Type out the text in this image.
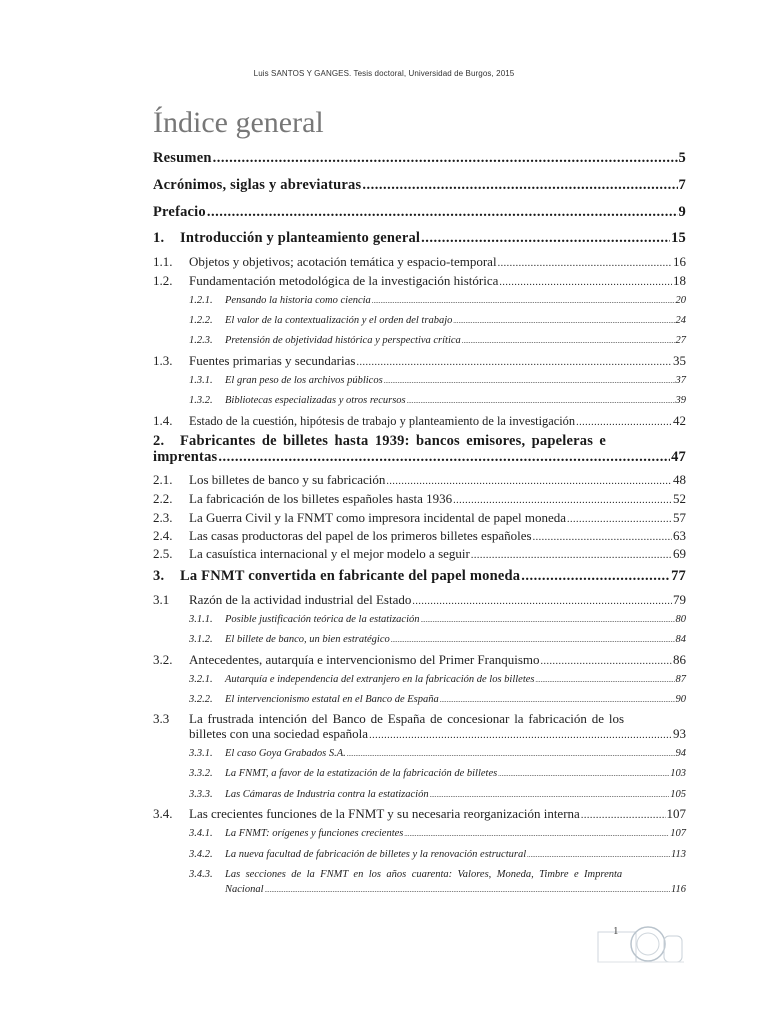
Luis SANTOS Y GANGES. Tesis doctoral, Universidad de Burgos, 2015
Índice general
Resumen .....	5
Acrónimos, siglas y abreviaturas .....	7
Prefacio .....	9
1.	Introducción y planteamiento general .....	15
1.1.	Objetos y objetivos; acotación temática y espacio-temporal .....	16
1.2.	Fundamentación metodológica de la investigación histórica .....	18
1.2.1.	Pensando la historia como ciencia .....	20
1.2.2.	El valor de la contextualización y el orden del trabajo .....	24
1.2.3.	Pretensión de objetividad histórica y perspectiva crítica .....	27
1.3.	Fuentes primarias y secundarias .....	35
1.3.1.	El gran peso de los archivos públicos .....	37
1.3.2.	Bibliotecas especializadas y otros recursos .....	39
1.4.	Estado de la cuestión, hipótesis de trabajo y planteamiento de la investigación .....	42
2.	Fabricantes de billetes hasta 1939: bancos emisores, papeleras e
imprentas .....	47
2.1.	Los billetes de banco y su fabricación .....	48
2.2.	La fabricación de los billetes españoles hasta 1936 .....	52
2.3.	La Guerra Civil y la FNMT como impresora incidental de papel moneda .....	57
2.4.	Las casas productoras del papel de los primeros billetes españoles .....	63
2.5.	La casuística internacional y el mejor modelo a seguir .....	69
3.	La FNMT convertida en fabricante del papel moneda .....	77
3.1	Razón de la actividad industrial del Estado .....	79
3.1.1.	Posible justificación teórica de la estatización .....	80
3.1.2.	El billete de banco, un bien estratégico .....	84
3.2.	Antecedentes, autarquía e intervencionismo del Primer Franquismo .....	86
3.2.1.	Autarquía e independencia del extranjero en la fabricación de los billetes .....	87
3.2.2.	El intervencionismo estatal en el Banco de España .....	90
3.3	La frustrada intención del Banco de España de concesionar la fabricación de los
billetes con una sociedad española .....	93
3.3.1.	El caso Goya Grabados S.A. .....	94
3.3.2.	La FNMT, a favor de la estatización de la fabricación de billetes .....	103
3.3.3.	Las Cámaras de Industria contra la estatización .....	105
3.4.	Las crecientes funciones de la FNMT y su necesaria reorganización interna .....	107
3.4.1.	La FNMT: orígenes y funciones crecientes .....	107
3.4.2.	La nueva facultad de fabricación de billetes y la renovación estructural .....	113
3.4.3.	Las secciones de la FNMT en los años cuarenta: Valores, Moneda, Timbre e Imprenta
Nacional .....	116
1
